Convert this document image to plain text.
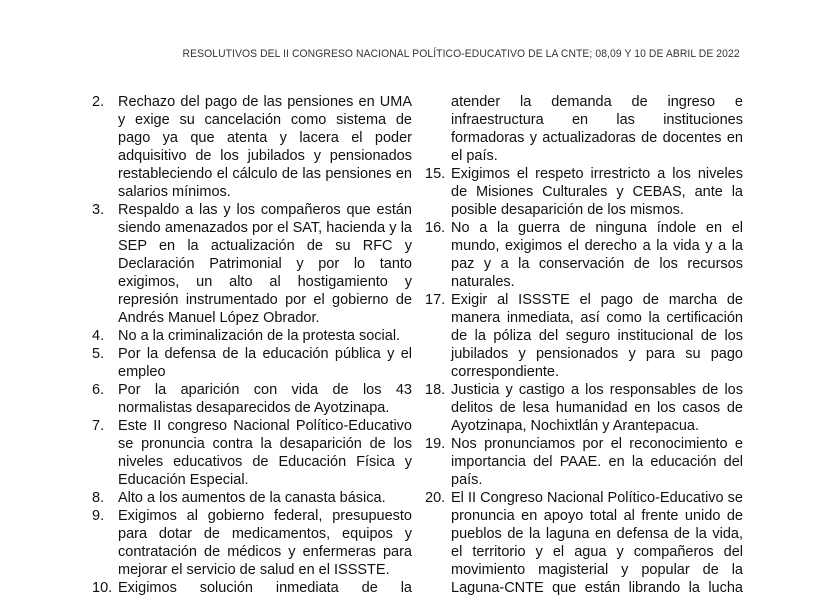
RESOLUTIVOS DEL II CONGRESO NACIONAL POLÍTICO-EDUCATIVO DE LA CNTE; 08,09 Y 10 DE ABRIL DE 2022
2. Rechazo del pago de las pensiones en UMA y exige su cancelación como sistema de pago ya que atenta y lacera el poder adquisitivo de los jubilados y pensionados restableciendo el cálculo de las pensiones en salarios mínimos.
3. Respaldo a las y los compañeros que están siendo amenazados por el SAT, hacienda y la SEP en la actualización de su RFC y Declaración Patrimonial y por lo tanto exigimos, un alto al hostigamiento y represión instrumentado por el gobierno de Andrés Manuel López Obrador.
4. No a la criminalización de la protesta social.
5. Por la defensa de la educación pública y el empleo
6. Por la aparición con vida de los 43 normalistas desaparecidos de Ayotzinapa.
7. Este II congreso Nacional Político-Educativo se pronuncia contra la desaparición de los niveles educativos de Educación Física y Educación Especial.
8. Alto a los aumentos de la canasta básica.
9. Exigimos al gobierno federal, presupuesto para dotar de medicamentos, equipos y contratación de médicos y enfermeras para mejorar el servicio de salud en el ISSSTE.
10. Exigimos solución inmediata de la
atender la demanda de ingreso e infraestructura en las instituciones formadoras y actualizadoras de docentes en el país.
15. Exigimos el respeto irrestricto a los niveles de Misiones Culturales y CEBAS, ante la posible desaparición de los mismos.
16. No a la guerra de ninguna índole en el mundo, exigimos el derecho a la vida y a la paz y a la conservación de los recursos naturales.
17. Exigir al ISSSTE el pago de marcha de manera inmediata, así como la certificación de la póliza del seguro institucional de los jubilados y pensionados y para su pago correspondiente.
18. Justicia y castigo a los responsables de los delitos de lesa humanidad en los casos de Ayotzinapa, Nochixtlán y Arantepacua.
19. Nos pronunciamos por el reconocimiento e importancia del PAAE. en la educación del país.
20. El II Congreso Nacional Político-Educativo se pronuncia en apoyo total al frente unido de pueblos de la laguna en defensa de la vida, el territorio y el agua y compañeros del movimiento magisterial y popular de la Laguna-CNTE que están librando la lucha
